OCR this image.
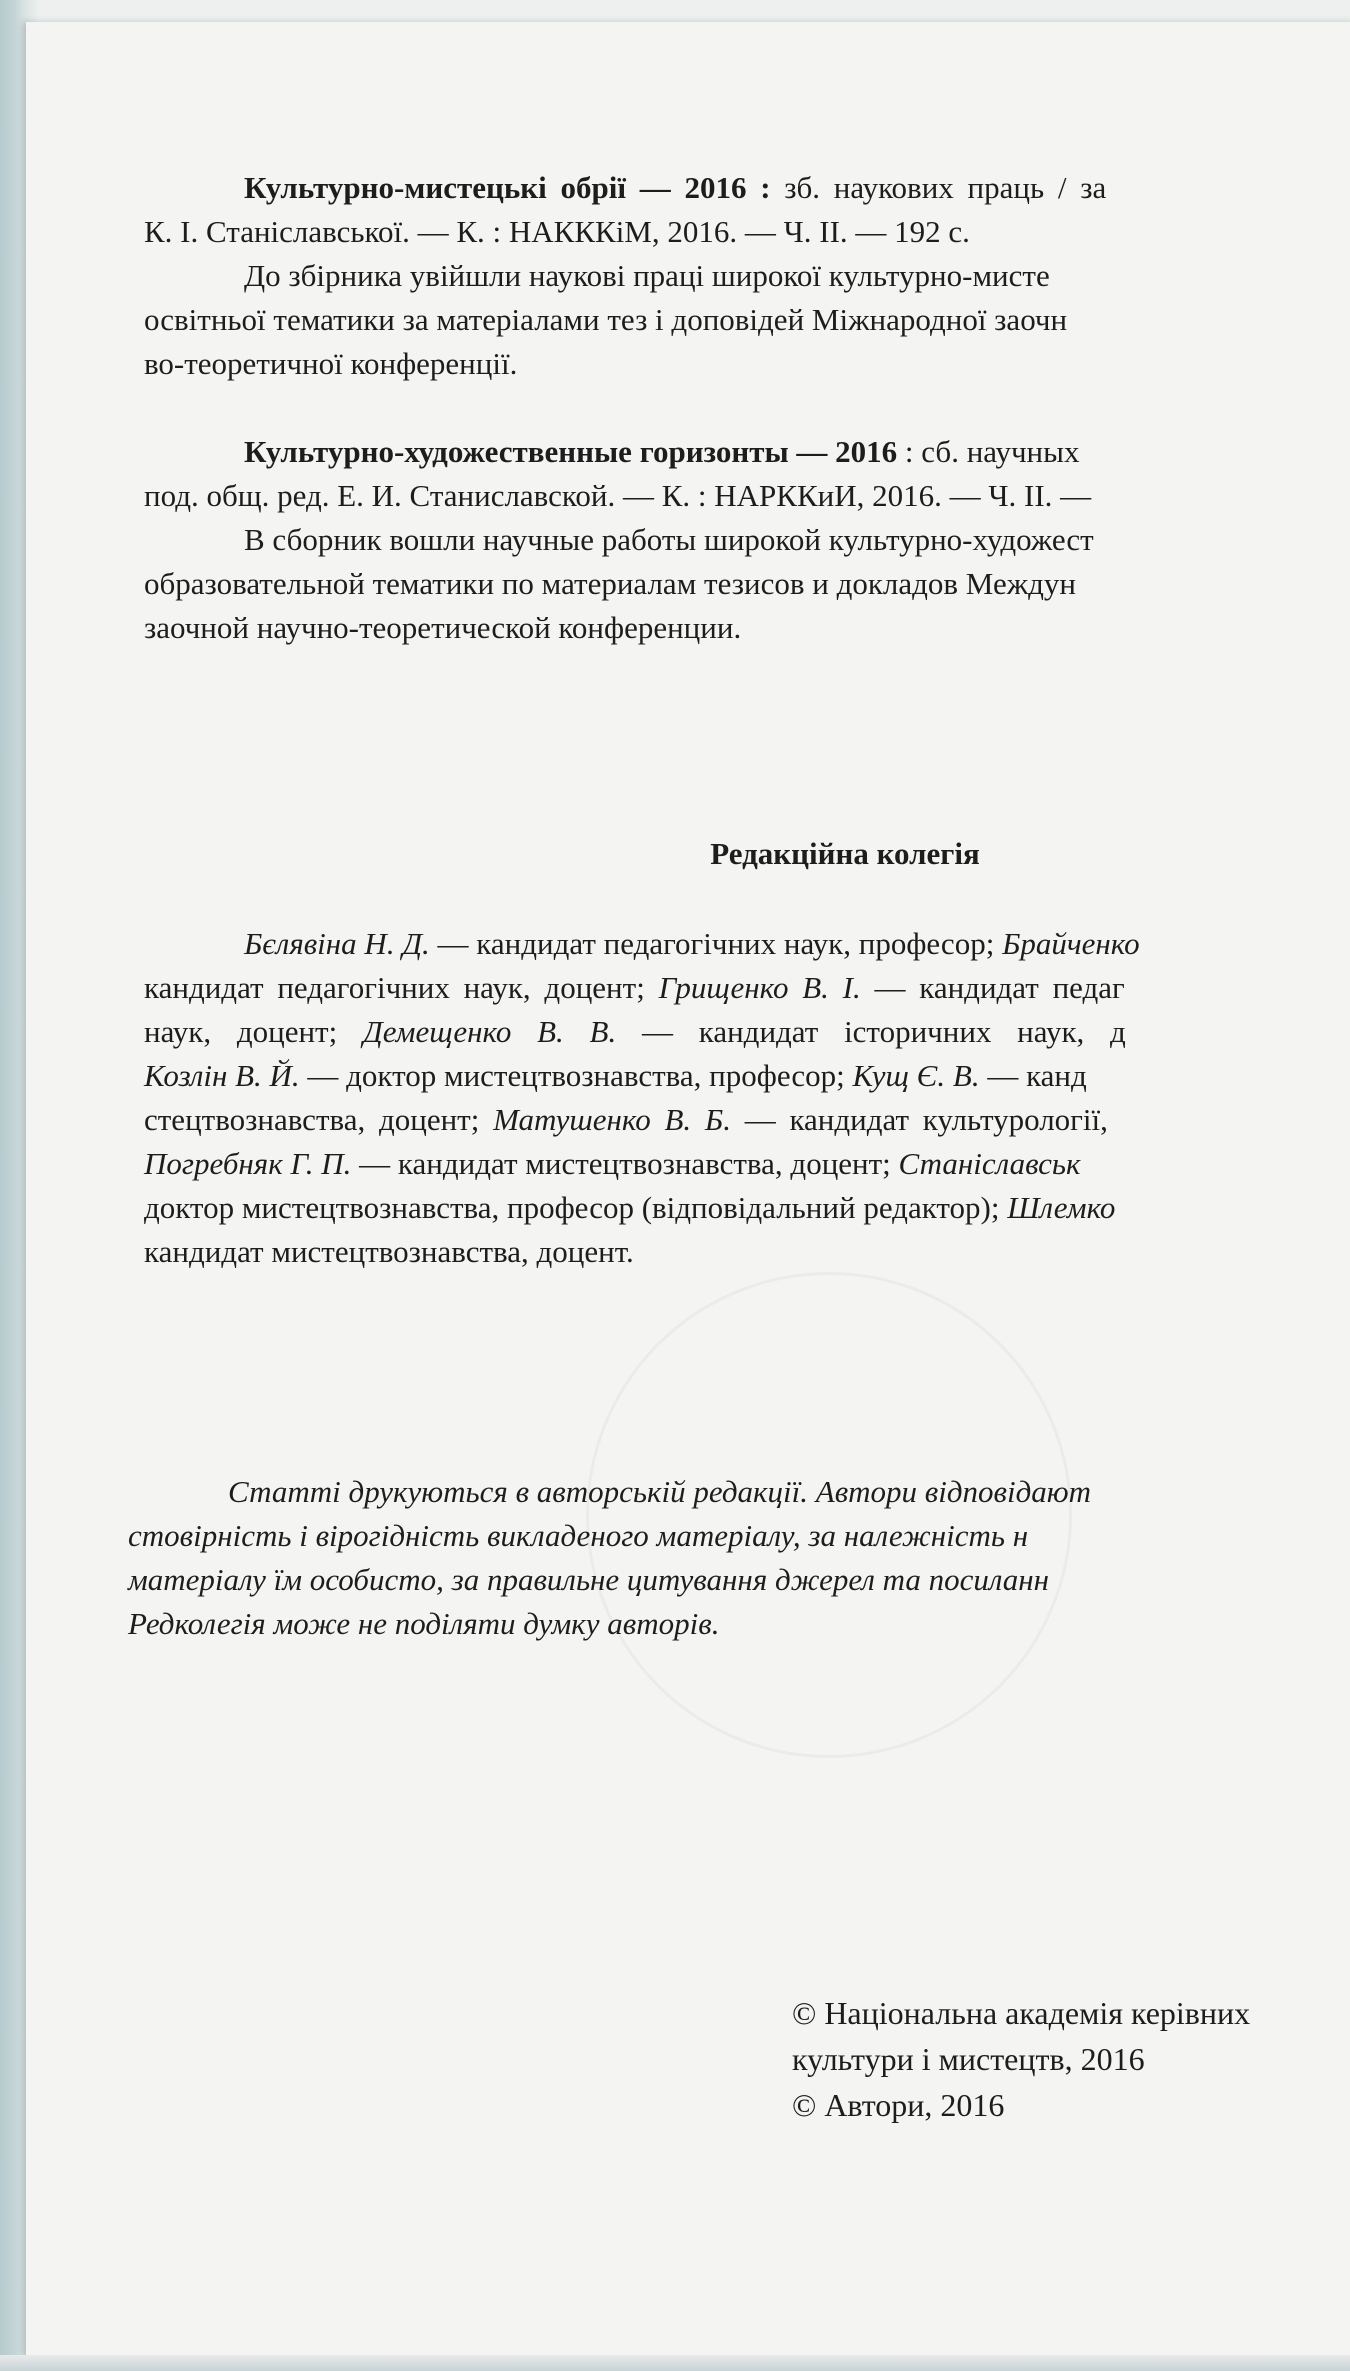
Культурно-мистецькі обрії — 2016 : зб. наукових праць / за
К. І. Станіславської. — К. : НАКККіМ, 2016. — Ч. ІІ. — 192 с.
До збірника увійшли наукові праці широкої культурно-мисте
освітньої тематики за матеріалами тез і доповідей Міжнародної заочн
во-теоретичної конференції.
Культурно-художественные горизонты — 2016 : сб. научных
под. общ. ред. Е. И. Станиславской. — К. : НАРККиИ, 2016. — Ч. ІІ. —
В сборник вошли научные работы широкой культурно-художест
образовательной тематики по материалам тезисов и докладов Междун
заочной научно-теоретической конференции.
Редакційна колегія
Бєлявіна Н. Д. — кандидат педагогічних наук, професор; Брайченко
кандидат педагогічних наук, доцент; Грищенко В. І. — кандидат педаг
наук, доцент; Демещенко В. В. — кандидат історичних наук, д
Козлін В. Й. — доктор мистецтвознавства, професор; Кущ Є. В. — канд
стецтвознавства, доцент; Матушенко В. Б. — кандидат культурології,
Погребняк Г. П. — кандидат мистецтвознавства, доцент; Станіславськ
доктор мистецтвознавства, професор (відповідальний редактор); Шлемко
кандидат мистецтвознавства, доцент.
Статті друкуються в авторській редакції. Автори відповідают
стовірність і вірогідність викладеного матеріалу, за належність н
матеріалу їм особисто, за правильне цитування джерел та посиланн
Редколегія може не поділяти думку авторів.
© Національна академія керівних
культури і мистецтв, 2016
© Автори, 2016
